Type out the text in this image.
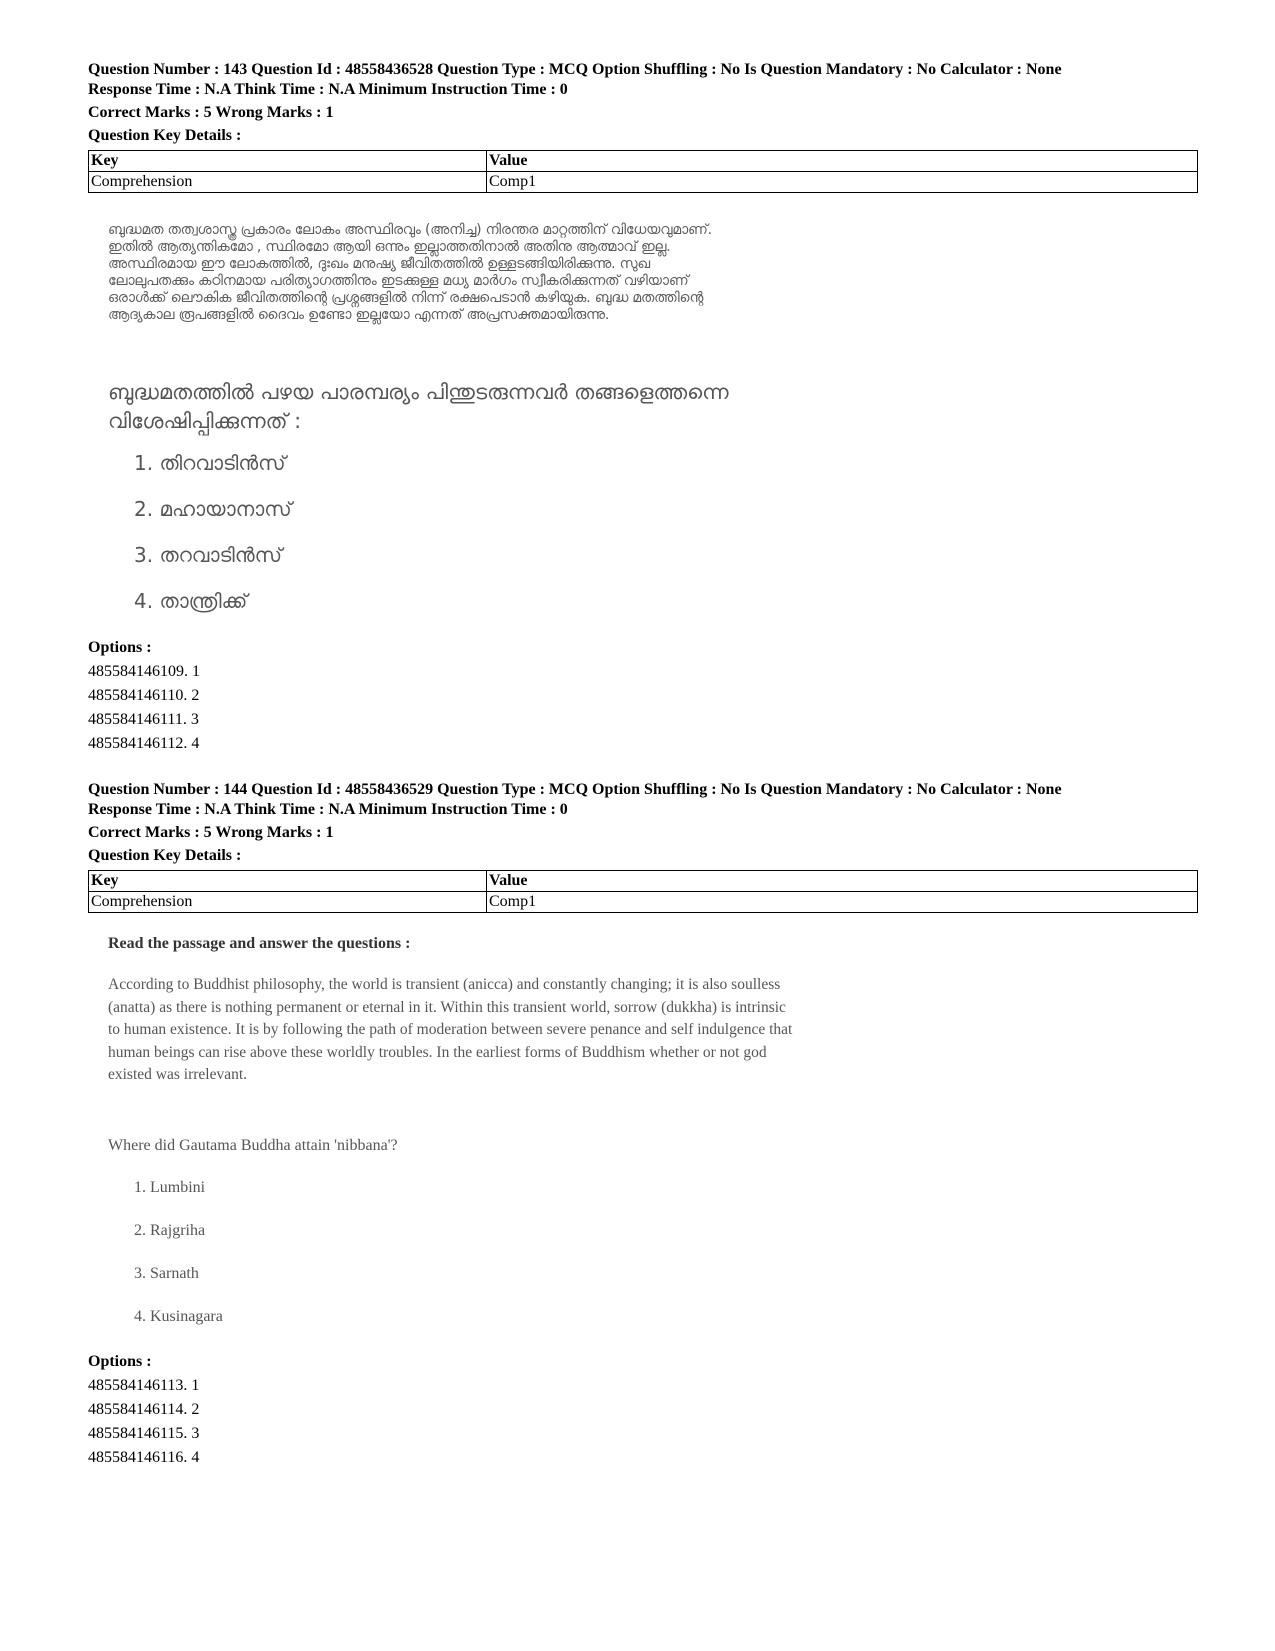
Question Number : 143 Question Id : 48558436528 Question Type : MCQ Option Shuffling : No Is Question Mandatory : No Calculator : None
Response Time : N.A Think Time : N.A Minimum Instruction Time : 0
Correct Marks : 5 Wrong Marks : 1
Question Key Details :
Key	Value
Comprehension	Comp1
ബുദ്ധമത തത്വശാസ്ത്ര പ്രകാരം ലോകം അസ്ഥിരവും (അനിച്ച) നിരന്തര മാറ്റത്തിന് വിധേയവുമാണ്.
ഇതിൽ ആത്യന്തികമോ , സ്ഥിരമോ ആയി ഒന്നും ഇല്ലാത്തതിനാൽ അതിനു ആത്മാവ് ഇല്ല.
അസ്ഥിരമായ ഈ ലോകത്തിൽ, ദുഃഖം മനുഷ്യ ജീവിതത്തിൽ ഉള്ളടങ്ങിയിരിക്കുന്നു. സുഖ
ലോലുപതക്കും കഠിനമായ പരിത്യാഗത്തിനും ഇടക്കുള്ള മധ്യ മാർഗം സ്വീകരിക്കുന്നത് വഴിയാണ്
ഒരാൾക്ക് ലൌകിക ജീവിതത്തിന്റെ പ്രശ്നങ്ങളിൽ നിന്ന് രക്ഷപെടാൻ കഴിയുക. ബുദ്ധ മതത്തിന്റെ
ആദ്യകാല രൂപങ്ങളിൽ ദൈവം ഉണ്ടോ ഇല്ലയോ എന്നത് അപ്രസക്തമായിരുന്നു.
ബുദ്ധമതത്തിൽ പഴയ പാരമ്പര്യം പിന്തുടരുന്നവർ തങ്ങളെത്തന്നെ
വിശേഷിപ്പിക്കുന്നത് :
1. തിറവാടിൻസ്
2. മഹായാനാസ്
3. തറവാടിൻസ്
4. താന്ത്രിക്ക്
Options :
485584146109. 1
485584146110. 2
485584146111. 3
485584146112. 4
Question Number : 144 Question Id : 48558436529 Question Type : MCQ Option Shuffling : No Is Question Mandatory : No Calculator : None
Response Time : N.A Think Time : N.A Minimum Instruction Time : 0
Correct Marks : 5 Wrong Marks : 1
Question Key Details :
Key	Value
Comprehension	Comp1
Read the passage and answer the questions :
According to Buddhist philosophy, the world is transient (anicca) and constantly changing; it is also soulless
(anatta) as there is nothing permanent or eternal in it. Within this transient world, sorrow (dukkha) is intrinsic
to human existence. It is by following the path of moderation between severe penance and self indulgence that
human beings can rise above these worldly troubles. In the earliest forms of Buddhism whether or not god
existed was irrelevant.
Where did Gautama Buddha attain 'nibbana'?
1. Lumbini
2. Rajgriha
3. Sarnath
4. Kusinagara
Options :
485584146113. 1
485584146114. 2
485584146115. 3
485584146116. 4
